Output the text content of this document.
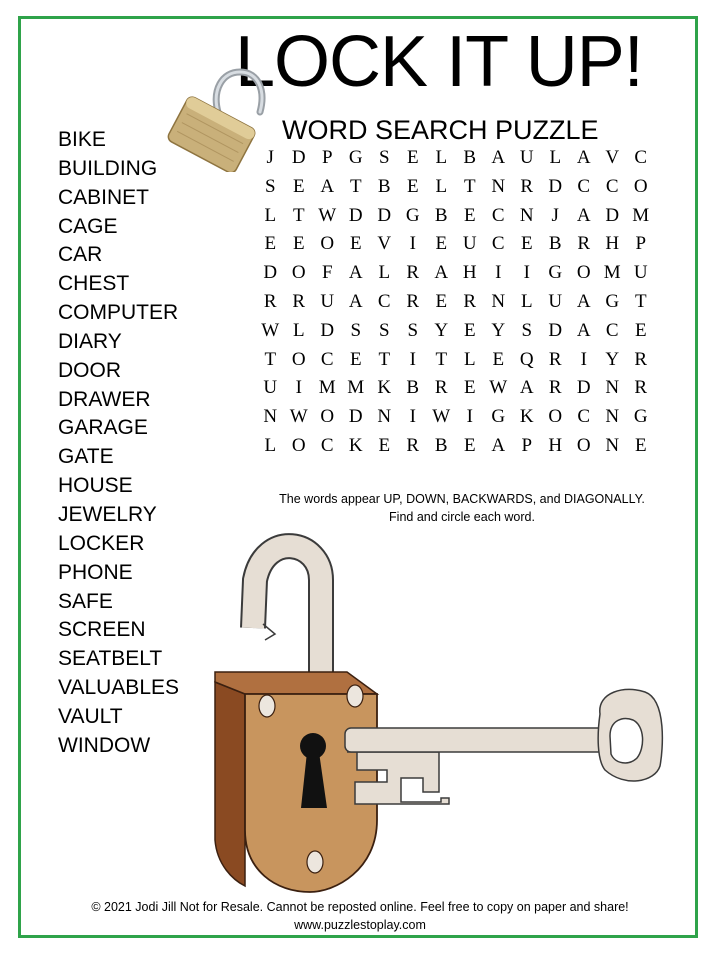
LOCK IT UP!
WORD SEARCH PUZZLE
BIKE
BUILDING
CABINET
CAGE
CAR
CHEST
COMPUTER
DIARY
DOOR
DRAWER
GARAGE
GATE
HOUSE
JEWELRY
LOCKER
PHONE
SAFE
SCREEN
SEATBELT
VALUABLES
VAULT
WINDOW
J D P G S E L B A U L A V C
S E A T B E L T N R D C C O
L T W D D G B E C N J A D M
E E O E V I	E U C E B R H P
D O F A L R A H I	I G O M U
R R U A C R E R N L U A G T
W L D S S S Y E Y S D A C E
T O C E T	I	T L E Q R I Y R
U I M M K B R E W A R D N R
N W O D N I W I G K O C N G
L O C K E R B E A P H O N E
The words appear UP, DOWN, BACKWARDS, and DIAGONALLY.
Find and circle each word.
© 2021 Jodi Jill Not for Resale. Cannot be reposted online. Feel free to copy on paper and share!
www.puzzlestoplay.com
